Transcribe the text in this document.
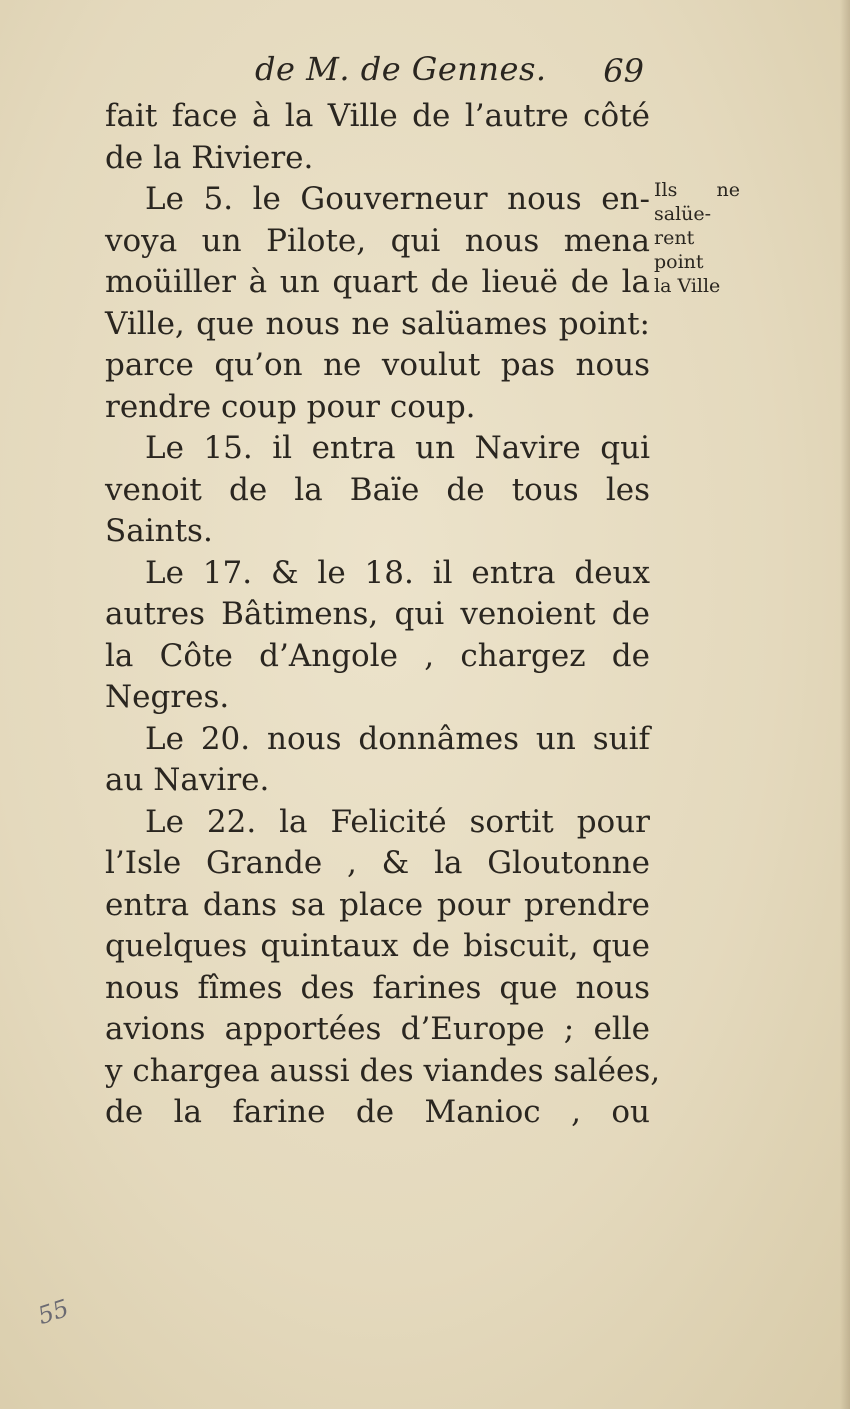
de M. de Gennes. 69
fait face à la Ville de l’autre côté
de la Riviere.
Le 5. le Gouverneur nous en-
voya un Pilote, qui nous mena
moüiller à un quart de lieuë de la
Ville, que nous ne salüames point:
parce qu’on ne voulut pas nous
rendre coup pour coup.
Le 15. il entra un Navire qui
venoit de la Baïe de tous les
Saints.
Le 17. & le 18. il entra deux
autres Bâtimens, qui venoient de
la Côte d’Angole , chargez de
Negres.
Le 20. nous donnâmes un suif
au Navire.
Le 22. la Felicité sortit pour
l’Isle Grande , & la Gloutonne
entra dans sa place pour prendre
quelques quintaux de biscuit, que
nous fîmes des farines que nous
avions apportées d’Europe ; elle
y chargea aussi des viandes salées,
de la farine de Manioc , ou
Ils ne
salüe-
rent
point
la Ville
55
